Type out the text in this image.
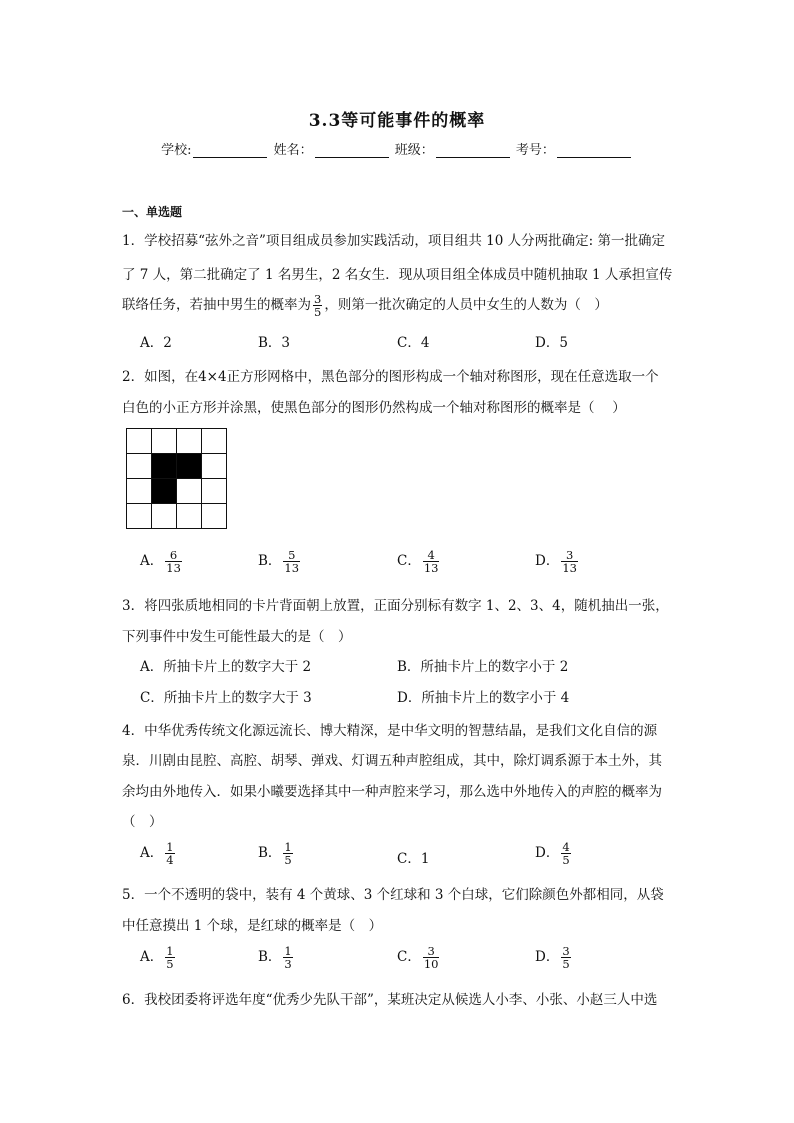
3.3等可能事件的概率
学校:	姓名：	班级：	考号：
一、单选题
1．学校招募“弦外之音”项目组成员参加实践活动，项目组共 10 人分两批确定: 第一批确定
了 7 人，第二批确定了 1 名男生，2 名女生．现从项目组全体成员中随机抽取 1 人承担宣传
联络任务，若抽中男生的概率为 $\frac{3}{5}$ ，则第一批次确定的人员中女生的人数为（　）
A．2	B．3	C．4	D．5
2．如图，在4×4正方形网格中，黑色部分的图形构成一个轴对称图形，现在任意选取一个
白色的小正方形并涂黑，使黑色部分的图形仍然构成一个轴对称图形的概率是（　 ）
A． $\frac{6}{13}$	B． $\frac{5}{13}$	C． $\frac{4}{13}$	D． $\frac{3}{13}$
3．将四张质地相同的卡片背面朝上放置，正面分别标有数字 1、2、3、4，随机抽出一张，
下列事件中发生可能性最大的是（　）
A．所抽卡片上的数字大于 2	B．所抽卡片上的数字小于 2
C．所抽卡片上的数字大于 3	D．所抽卡片上的数字小于 4
4．中华优秀传统文化源远流长、博大精深，是中华文明的智慧结晶，是我们文化自信的源
泉．川剧由昆腔、高腔、胡琴、弹戏、灯调五种声腔组成，其中，除灯调系源于本土外，其
余均由外地传入．如果小曦要选择其中一种声腔来学习，那么选中外地传入的声腔的概率为
（　）
A． $\frac{1}{4}$	B． $\frac{1}{5}$	C．1	D． $\frac{4}{5}$
5．一个不透明的袋中，装有 4 个黄球、3 个红球和 3 个白球，它们除颜色外都相同，从袋
中任意摸出 1 个球，是红球的概率是（　）
A． $\frac{1}{5}$	B． $\frac{1}{3}$	C． $\frac{3}{10}$	D． $\frac{3}{5}$
6．我校团委将评选年度“优秀少先队干部”，某班决定从候选人小李、小张、小赵三人中选
